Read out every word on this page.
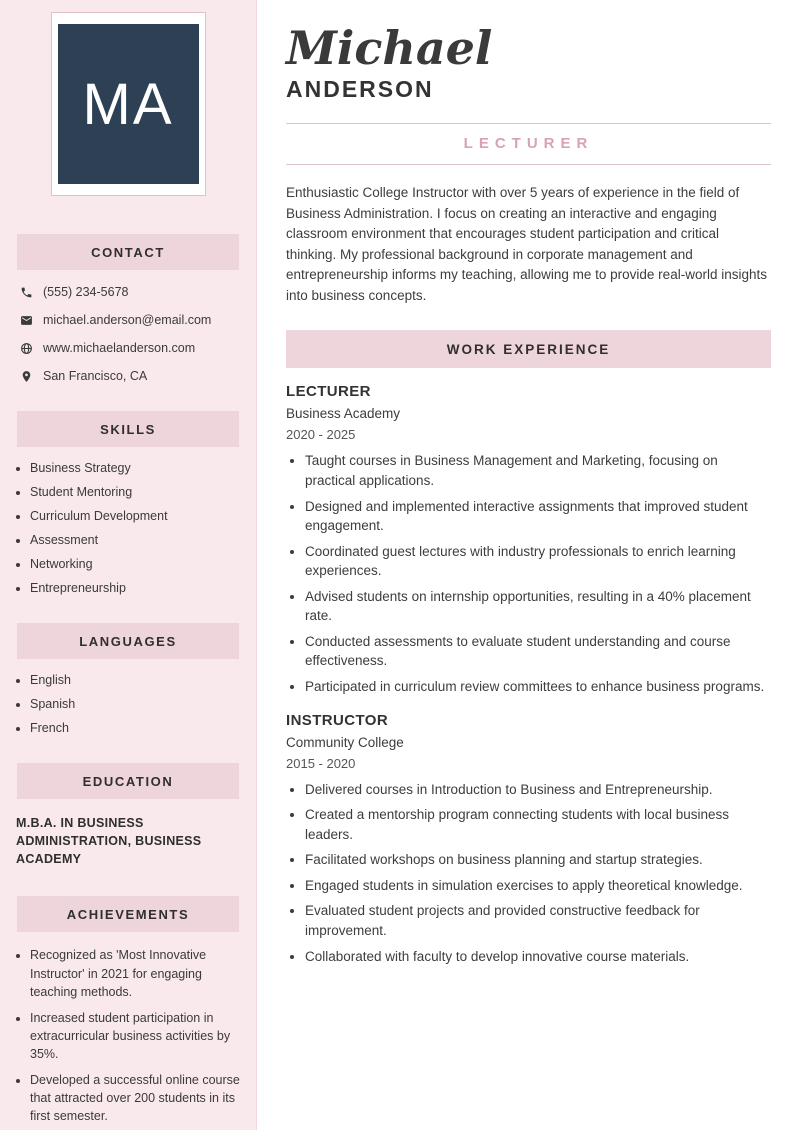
MA
CONTACT
(555) 234-5678
michael.anderson@email.com
www.michaelanderson.com
San Francisco, CA
SKILLS
• Business Strategy
• Student Mentoring
• Curriculum Development
• Assessment
• Networking
• Entrepreneurship
LANGUAGES
• English
• Spanish
• French
EDUCATION
M.B.A. IN BUSINESS ADMINISTRATION, BUSINESS ACADEMY
ACHIEVEMENTS
• Recognized as 'Most Innovative Instructor' in 2021 for engaging teaching methods.
• Increased student participation in extracurricular business activities by 35%.
• Developed a successful online course that attracted over 200 students in its first semester.
Michael
ANDERSON
LECTURER

Enthusiastic College Instructor with over 5 years of experience in the field of Business Administration. I focus on creating an interactive and engaging classroom environment that encourages student participation and critical thinking. My professional background in corporate management and entrepreneurship informs my teaching, allowing me to provide real-world insights into business concepts.

WORK EXPERIENCE
LECTURER
Business Academy
2020 - 2025
• Taught courses in Business Management and Marketing, focusing on practical applications.
• Designed and implemented interactive assignments that improved student engagement.
• Coordinated guest lectures with industry professionals to enrich learning experiences.
• Advised students on internship opportunities, resulting in a 40% placement rate.
• Conducted assessments to evaluate student understanding and course effectiveness.
• Participated in curriculum review committees to enhance business programs.
INSTRUCTOR
Community College
2015 - 2020
• Delivered courses in Introduction to Business and Entrepreneurship.
• Created a mentorship program connecting students with local business leaders.
• Facilitated workshops on business planning and startup strategies.
• Engaged students in simulation exercises to apply theoretical knowledge.
• Evaluated student projects and provided constructive feedback for improvement.
• Collaborated with faculty to develop innovative course materials.
